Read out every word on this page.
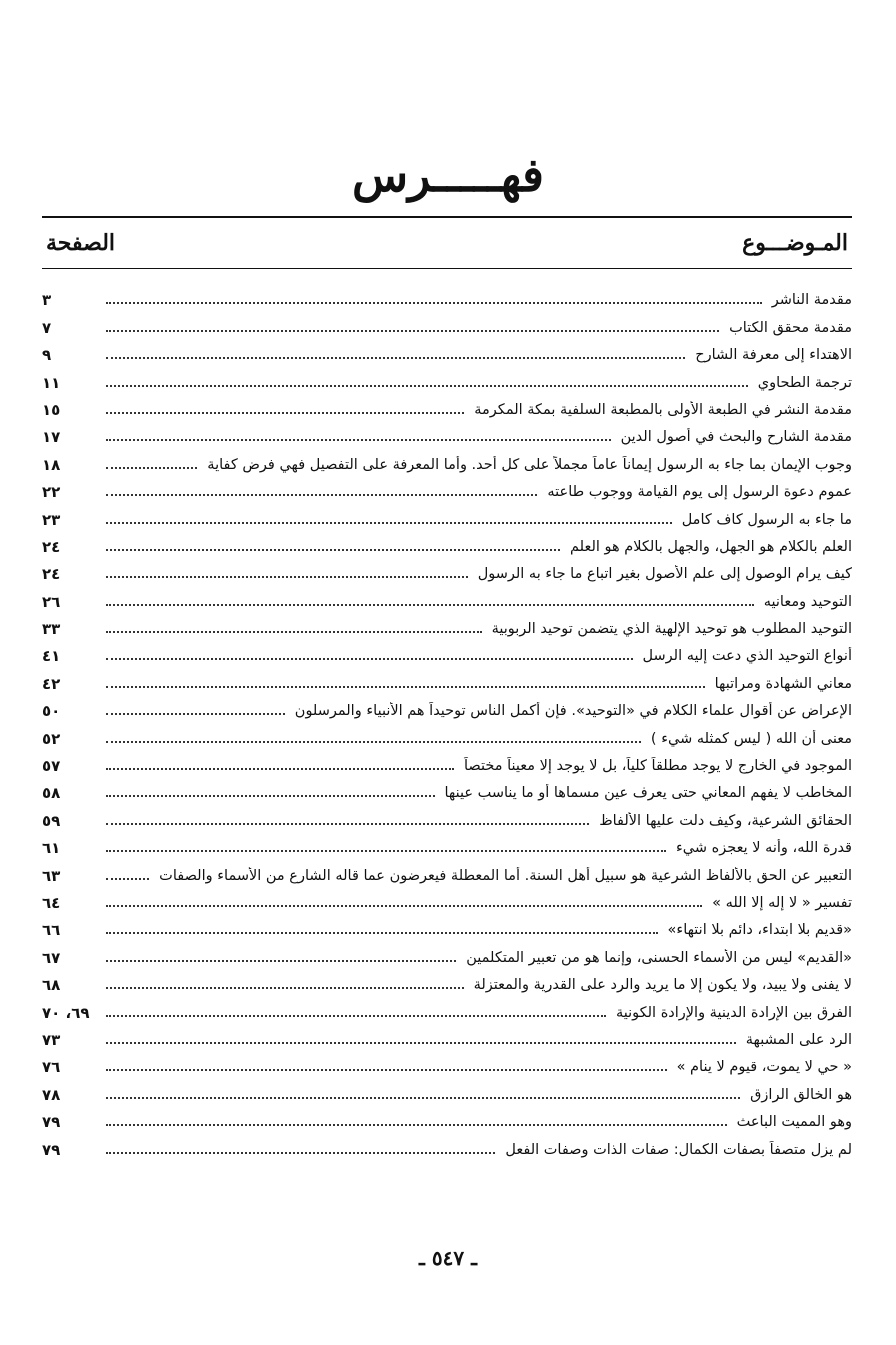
فهـــــرس
المـوضـــوع
الصفحة
مقدمة الناشر
٣
مقدمة محقق الكتاب
٧
الاهتداء إلى معرفة الشارح
٩
ترجمة الطحاوي
١١
مقدمة النشر في الطبعة الأولى بالمطبعة السلفية بمكة المكرمة
١٥
مقدمة الشارح والبحث في أصول الدين
١٧
وجوب الإيمان بما جاء به الرسول إيماناً عاماً مجملاً على كل أحد. وأما المعرفة على التفصيل فهي فرض كفاية
١٨
عموم دعوة الرسول إلى يوم القيامة ووجوب طاعته
٢٢
ما جاء به الرسول كاف كامل
٢٣
العلم بالكلام هو الجهل، والجهل بالكلام هو العلم
٢٤
كيف يرام الوصول إلى علم الأصول بغير اتباع ما جاء به الرسول
٢٤
التوحيد ومعانيه
٢٦
التوحيد المطلوب هو توحيد الإلهية الذي يتضمن توحيد الربوبية
٣٣
أنواع التوحيد الذي دعت إليه الرسل
٤١
معاني الشهادة ومراتبها
٤٢
الإعراض عن أقوال علماء الكلام في «التوحيد». فإن أكمل الناس توحيداً هم الأنبياء والمرسلون
٥٠
معنى أن الله ( ليس كمثله شيء )
٥٢
الموجود في الخارج لا يوجد مطلقاً كلياً، بل لا يوجد إلا معيناً مختصاً
٥٧
المخاطب لا يفهم المعاني حتى يعرف عين مسماها أو ما يناسب عينها
٥٨
الحقائق الشرعية، وكيف دلت عليها الألفاظ
٥٩
قدرة الله، وأنه لا يعجزه شيء
٦١
التعبير عن الحق بالألفاظ الشرعية هو سبيل أهل السنة. أما المعطلة فيعرضون عما قاله الشارع من الأسماء والصفات
٦٣
تفسير « لا إله إلا الله »
٦٤
«قديم بلا ابتداء، دائم بلا انتهاء»
٦٦
«القديم» ليس من الأسماء الحسنى، وإنما هو من تعبير المتكلمين
٦٧
لا يفنى ولا يبيد، ولا يكون إلا ما يريد والرد على القدرية والمعتزلة
٦٨
الفرق بين الإرادة الدينية والإرادة الكونية
٦٩، ٧٠
الرد على المشبهة
٧٣
« حي لا يموت، قيوم لا ينام »
٧٦
هو الخالق الرازق
٧٨
وهو المميت الباعث
٧٩
لم يزل متصفاً بصفات الكمال: صفات الذات وصفات الفعل
٧٩
ـ ٥٤٧ ـ
